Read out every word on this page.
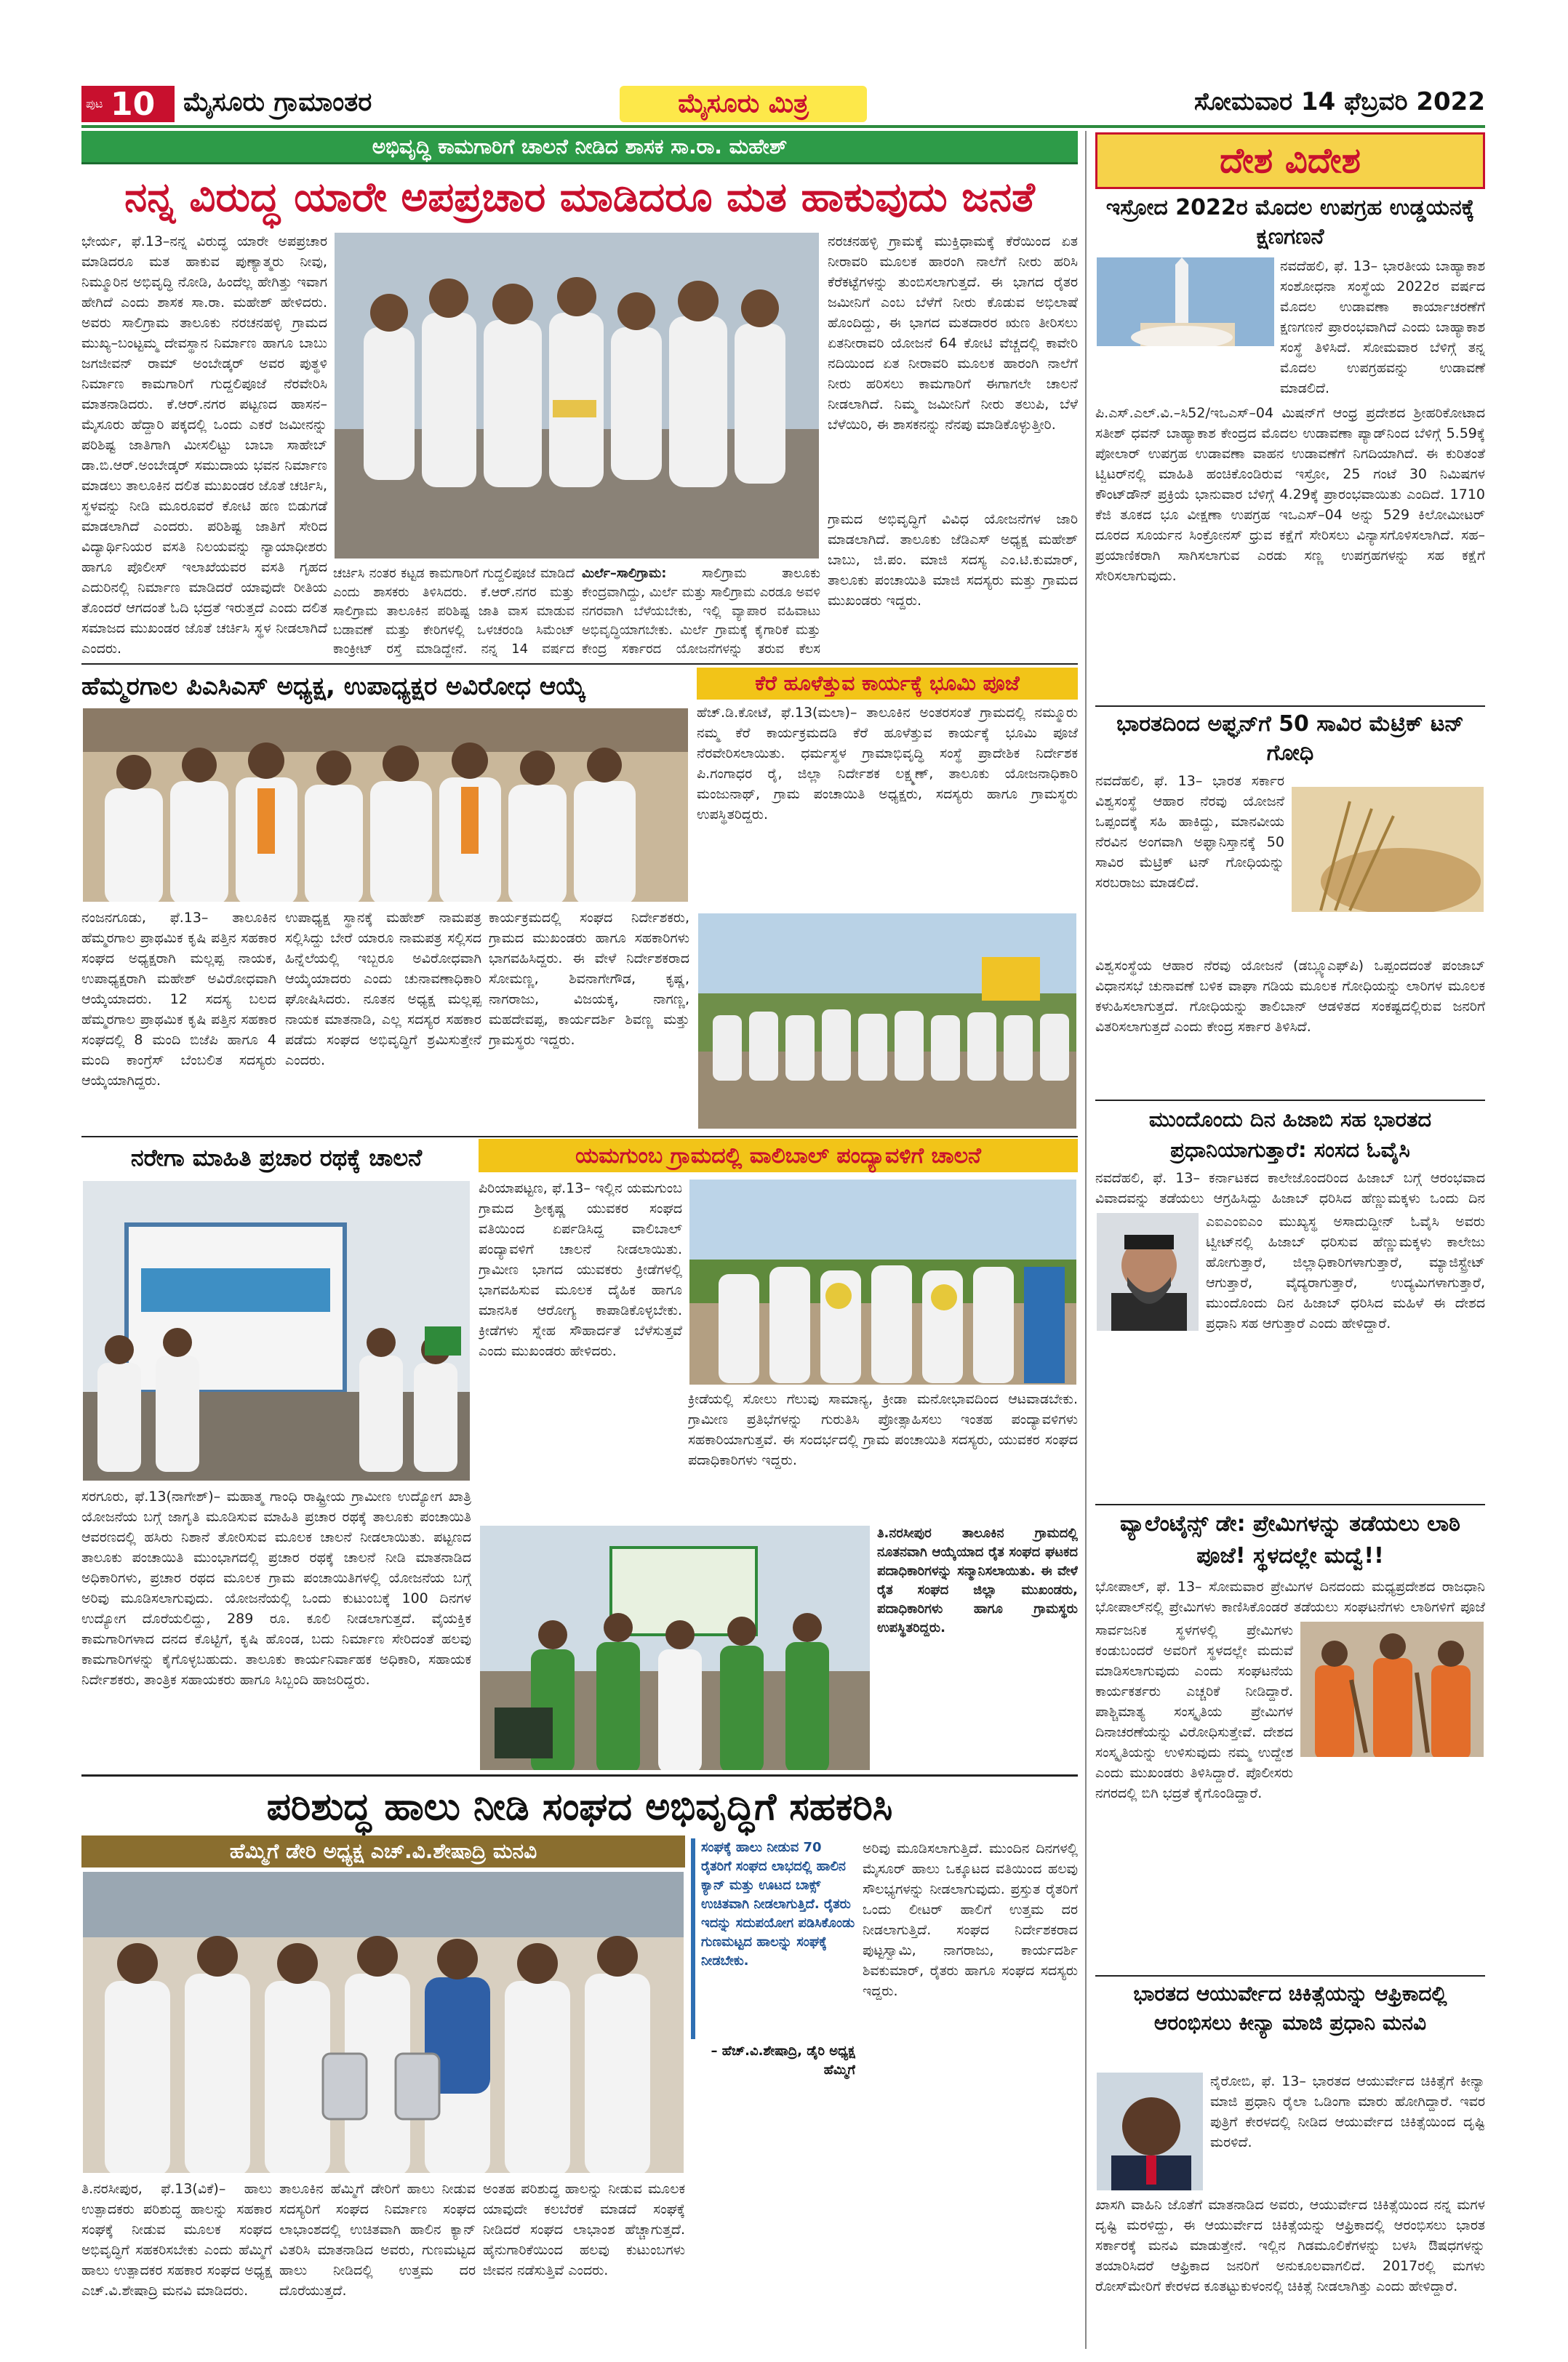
ಪುಟ 10 ಮೈಸೂರು ಗ್ರಾಮಾಂತರ	ಮೈಸೂರು ಮಿತ್ರ	ಸೋಮವಾರ 14 ಫೆಬ್ರವರಿ 2022
ಅಭಿವೃದ್ಧಿ ಕಾಮಗಾರಿಗೆ ಚಾಲನೆ ನೀಡಿದ ಶಾಸಕ ಸಾ.ರಾ. ಮಹೇಶ್
ನನ್ನ ವಿರುದ್ಧ ಯಾರೇ ಅಪಪ್ರಚಾರ ಮಾಡಿದರೂ ಮತ ಹಾಕುವುದು ಜನತೆ
ಭೇರ್ಯ, ಫೆ.13–ನನ್ನ ವಿರುದ್ಧ ಯಾರೇ ಅಪಪ್ರಚಾರ ಮಾಡಿದರೂ ಮತ ಹಾಕುವ ಪುಣ್ಯಾತ್ಮರು ನೀವು, ನಿಮ್ಮೂರಿನ ಅಭಿವೃದ್ಧಿ ನೋಡಿ, ಹಿಂದೆಲ್ಲ ಹೇಗಿತ್ತು ಇವಾಗ ಹೇಗಿದೆ ಎಂದು ಶಾಸಕ ಸಾ.ರಾ. ಮಹೇಶ್ ಹೇಳಿದರು. ಅವರು ಸಾಲಿಗ್ರಾಮ ತಾಲೂಕು ನರಚನಹಳ್ಳಿ ಗ್ರಾಮದ ಮುಖ್ಯ–ಬಂಟ್ಟಮ್ಮ ದೇವಸ್ಥಾನ ನಿರ್ಮಾಣ ಹಾಗೂ ಬಾಬು ಜಗಜೀವನ್ ರಾಮ್ ಅಂಬೇಡ್ಕರ್ ಅವರ ಪುತ್ಥಳಿ ನಿರ್ಮಾಣ ಕಾಮಗಾರಿಗೆ ಗುದ್ದಲಿಪೂಜೆ ನೆರವೇರಿಸಿ ಮಾತನಾಡಿದರು. ಕೆ.ಆರ್.ನಗರ ಪಟ್ಟಣದ ಹಾಸನ–ಮೈಸೂರು ಹೆದ್ದಾರಿ ಪಕ್ಕದಲ್ಲಿ ಒಂದು ಎಕರೆ ಜಮೀನನ್ನು ಪರಿಶಿಷ್ಟ ಜಾತಿಗಾಗಿ ಮೀಸಲಿಟ್ಟು ಬಾಬಾ ಸಾಹೇಬ್ ಡಾ.ಬಿ.ಆರ್.ಅಂಬೇಡ್ಕರ್ ಸಮುದಾಯ ಭವನ ನಿರ್ಮಾಣ ಮಾಡಲು ತಾಲೂಕಿನ ದಲಿತ ಮುಖಂಡರ ಜೊತೆ ಚರ್ಚಿಸಿ, ಸ್ಥಳವನ್ನು ನೀಡಿ ಮೂರೂವರೆ ಕೋಟಿ ಹಣ ಬಿಡುಗಡೆ ಮಾಡಲಾಗಿದೆ ಎಂದರು. ಪರಿಶಿಷ್ಟ ಜಾತಿಗೆ ಸೇರಿದ ವಿದ್ಯಾರ್ಥಿನಿಯರ ವಸತಿ ನಿಲಯವನ್ನು ನ್ಯಾಯಾಧೀಶರು ಹಾಗೂ ಪೊಲೀಸ್ ಇಲಾಖೆಯವರ ವಸತಿ ಗೃಹದ ಎದುರಿನಲ್ಲಿ ನಿರ್ಮಾಣ ಮಾಡಿದರೆ ಯಾವುದೇ ರೀತಿಯ ತೊಂದರೆ ಆಗದಂತೆ ಓದಿ ಭದ್ರತೆ ಇರುತ್ತದೆ ಎಂದು ದಲಿತ ಸಮಾಜದ ಮುಖಂಡರ ಜೊತೆ ಚರ್ಚಿಸಿ ಸ್ಥಳ ನೀಡಲಾಗಿದೆ ಎಂದರು.
ಚರ್ಚಿಸಿ ನಂತರ ಕಟ್ಟಡ ಕಾಮಗಾರಿಗೆ ಗುದ್ದಲಿಪೂಜೆ ಮಾಡಿದೆ ಎಂದು ಶಾಸಕರು ತಿಳಿಸಿದರು. ಕೆ.ಆರ್.ನಗರ ಮತ್ತು ಸಾಲಿಗ್ರಾಮ ತಾಲೂಕಿನ ಪರಿಶಿಷ್ಟ ಜಾತಿ ವಾಸ ಮಾಡುವ ಬಡಾವಣೆ ಮತ್ತು ಕೇರಿಗಳಲ್ಲಿ ಒಳಚರಂಡಿ ಸಿಮೆಂಟ್ ಕಾಂಕ್ರೀಟ್ ರಸ್ತೆ ಮಾಡಿದ್ದೇನೆ. ನನ್ನ 14 ವರ್ಷದ
ಮಿರ್ಲೆ–ಸಾಲಿಗ್ರಾಮ:	ಸಾಲಿಗ್ರಾಮ ತಾಲೂಕು ಕೇಂದ್ರವಾಗಿದ್ದು, ಮಿರ್ಲೆ ಮತ್ತು ಸಾಲಿಗ್ರಾಮ ಎರಡೂ ಅವಳಿ ನಗರವಾಗಿ ಬೆಳೆಯಬೇಕು, ಇಲ್ಲಿ ವ್ಯಾಪಾರ ವಹಿವಾಟು ಅಭಿವೃದ್ಧಿಯಾಗಬೇಕು. ಮಿರ್ಲೆ ಗ್ರಾಮಕ್ಕೆ ಕೈಗಾರಿಕೆ ಮತ್ತು ಕೇಂದ್ರ ಸರ್ಕಾರದ ಯೋಜನೆಗಳನ್ನು ತರುವ ಕೆಲಸ
ನರಚನಹಳ್ಳಿ ಗ್ರಾಮಕ್ಕೆ ಮುಕ್ತಿಧಾಮಕ್ಕೆ ಕೆರೆಯಿಂದ ಏತ ನೀರಾವರಿ ಮೂಲಕ ಹಾರಂಗಿ ನಾಲೆಗೆ ನೀರು ಹರಿಸಿ ಕೆರೆಕಟ್ಟೆಗಳನ್ನು ತುಂಬಿಸಲಾಗುತ್ತದೆ. ಈ ಭಾಗದ ರೈತರ ಜಮೀನಿಗೆ ಎಂಬ ಬೆಳೆಗೆ ನೀರು ಕೊಡುವ ಅಭಿಲಾಷೆ ಹೊಂದಿದ್ದು, ಈ ಭಾಗದ ಮತದಾರರ ಋಣ ತೀರಿಸಲು ಏತನೀರಾವರಿ ಯೋಜನೆ 64 ಕೋಟಿ ವೆಚ್ಚದಲ್ಲಿ ಕಾವೇರಿ ನದಿಯಿಂದ ಏತ ನೀರಾವರಿ ಮೂಲಕ ಹಾರಂಗಿ ನಾಲೆಗೆ ನೀರು ಹರಿಸಲು ಕಾಮಗಾರಿಗೆ ಈಗಾಗಲೇ ಚಾಲನೆ ನೀಡಲಾಗಿದೆ. ನಿಮ್ಮ ಜಮೀನಿಗೆ ನೀರು ತಲುಪಿ, ಬೆಳೆ ಬೆಳೆಯಿರಿ, ಈ ಶಾಸಕನನ್ನು ನೆನಪು ಮಾಡಿಕೊಳ್ಳುತ್ತೀರಿ.
ಗ್ರಾಮದ ಅಭಿವೃದ್ಧಿಗೆ ವಿವಿಧ ಯೋಜನೆಗಳ ಜಾರಿ ಮಾಡಲಾಗಿದೆ. ತಾಲೂಕು ಜೆಡಿಎಸ್ ಅಧ್ಯಕ್ಷ ಮಹೇಶ್ ಬಾಬು, ಜಿ.ಪಂ. ಮಾಜಿ ಸದಸ್ಯ ಎಂ.ಟಿ.ಕುಮಾರ್, ತಾಲೂಕು ಪಂಚಾಯಿತಿ ಮಾಜಿ ಸದಸ್ಯರು ಮತ್ತು ಗ್ರಾಮದ ಮುಖಂಡರು ಇದ್ದರು.
ಹೆಮ್ಮರಗಾಲ ಪಿಎಸಿಎಸ್ ಅಧ್ಯಕ್ಷ, ಉಪಾಧ್ಯಕ್ಷರ ಅವಿರೋಧ ಆಯ್ಕೆ
ನಂಜನಗೂಡು, ಫೆ.13– ತಾಲೂಕಿನ ಹೆಮ್ಮರಗಾಲ ಪ್ರಾಥಮಿಕ ಕೃಷಿ ಪತ್ತಿನ ಸಹಕಾರ ಸಂಘದ ಅಧ್ಯಕ್ಷರಾಗಿ ಮಲ್ಲಪ್ಪ ನಾಯಕ, ಉಪಾಧ್ಯಕ್ಷರಾಗಿ ಮಹೇಶ್ ಅವಿರೋಧವಾಗಿ ಆಯ್ಕೆಯಾದರು. 12 ಸದಸ್ಯ ಬಲದ ಹೆಮ್ಮರಗಾಲ ಪ್ರಾಥಮಿಕ ಕೃಷಿ ಪತ್ತಿನ ಸಹಕಾರ ಸಂಘದಲ್ಲಿ 8 ಮಂದಿ ಬಿಜೆಪಿ ಹಾಗೂ 4 ಮಂದಿ ಕಾಂಗ್ರೆಸ್ ಬೆಂಬಲಿತ ಸದಸ್ಯರು ಆಯ್ಕೆಯಾಗಿದ್ದರು.
ಉಪಾಧ್ಯಕ್ಷ ಸ್ಥಾನಕ್ಕೆ ಮಹೇಶ್ ನಾಮಪತ್ರ ಸಲ್ಲಿಸಿದ್ದು ಬೇರೆ ಯಾರೂ ನಾಮಪತ್ರ ಸಲ್ಲಿಸದ ಹಿನ್ನೆಲೆಯಲ್ಲಿ ಇಬ್ಬರೂ ಅವಿರೋಧವಾಗಿ ಆಯ್ಕೆಯಾದರು ಎಂದು ಚುನಾವಣಾಧಿಕಾರಿ ಘೋಷಿಸಿದರು. ನೂತನ ಅಧ್ಯಕ್ಷ ಮಲ್ಲಪ್ಪ ನಾಯಕ ಮಾತನಾಡಿ, ಎಲ್ಲ ಸದಸ್ಯರ ಸಹಕಾರ ಪಡೆದು ಸಂಘದ ಅಭಿವೃದ್ಧಿಗೆ ಶ್ರಮಿಸುತ್ತೇನೆ ಎಂದರು.
ಕಾರ್ಯಕ್ರಮದಲ್ಲಿ ಸಂಘದ ನಿರ್ದೇಶಕರು, ಗ್ರಾಮದ ಮುಖಂಡರು ಹಾಗೂ ಸಹಕಾರಿಗಳು ಭಾಗವಹಿಸಿದ್ದರು. ಈ ವೇಳೆ ನಿರ್ದೇಶಕರಾದ ಸೋಮಣ್ಣ, ಶಿವನಾಗೇಗೌಡ, ಕೃಷ್ಣ, ನಾಗರಾಜು, ವಿಜಯಕ್ಕ, ನಾಗಣ್ಣ, ಮಹದೇವಪ್ಪ, ಕಾರ್ಯದರ್ಶಿ ಶಿವಣ್ಣ ಮತ್ತು ಗ್ರಾಮಸ್ಥರು ಇದ್ದರು.
ಕೆರೆ ಹೂಳೆತ್ತುವ ಕಾರ್ಯಕ್ಕೆ ಭೂಮಿ ಪೂಜೆ
ಹೆಚ್.ಡಿ.ಕೋಟೆ, ಫೆ.13(ಮಲಾ)– ತಾಲೂಕಿನ ಅಂತರಸಂತೆ ಗ್ರಾಮದಲ್ಲಿ ನಮ್ಮೂರು ನಮ್ಮ ಕೆರೆ ಕಾರ್ಯಕ್ರಮದಡಿ ಕೆರೆ ಹೂಳೆತ್ತುವ ಕಾರ್ಯಕ್ಕೆ ಭೂಮಿ ಪೂಜೆ ನೆರವೇರಿಸಲಾಯಿತು. ಧರ್ಮಸ್ಥಳ ಗ್ರಾಮಾಭಿವೃದ್ಧಿ ಸಂಸ್ಥೆ ಪ್ರಾದೇಶಿಕ ನಿರ್ದೇಶಕ ಪಿ.ಗಂಗಾಧರ ರೈ, ಜಿಲ್ಲಾ ನಿರ್ದೇಶಕ ಲಕ್ಷ್ಮಣ್, ತಾಲೂಕು ಯೋಜನಾಧಿಕಾರಿ ಮಂಜುನಾಥ್, ಗ್ರಾಮ ಪಂಚಾಯಿತಿ ಅಧ್ಯಕ್ಷರು, ಸದಸ್ಯರು ಹಾಗೂ ಗ್ರಾಮಸ್ಥರು ಉಪಸ್ಥಿತರಿದ್ದರು.
ನರೇಗಾ ಮಾಹಿತಿ ಪ್ರಚಾರ ರಥಕ್ಕೆ ಚಾಲನೆ
ಸರಗೂರು, ಫೆ.13(ನಾಗೇಶ್)– ಮಹಾತ್ಮ ಗಾಂಧಿ ರಾಷ್ಟ್ರೀಯ ಗ್ರಾಮೀಣ ಉದ್ಯೋಗ ಖಾತ್ರಿ ಯೋಜನೆಯ ಬಗ್ಗೆ ಜಾಗೃತಿ ಮೂಡಿಸುವ ಮಾಹಿತಿ ಪ್ರಚಾರ ರಥಕ್ಕೆ ತಾಲೂಕು ಪಂಚಾಯಿತಿ ಆವರಣದಲ್ಲಿ ಹಸಿರು ನಿಶಾನೆ ತೋರಿಸುವ ಮೂಲಕ ಚಾಲನೆ ನೀಡಲಾಯಿತು. ಪಟ್ಟಣದ ತಾಲೂಕು ಪಂಚಾಯಿತಿ ಮುಂಭಾಗದಲ್ಲಿ ಪ್ರಚಾರ ರಥಕ್ಕೆ ಚಾಲನೆ ನೀಡಿ ಮಾತನಾಡಿದ ಅಧಿಕಾರಿಗಳು, ಪ್ರಚಾರ ರಥದ ಮೂಲಕ ಗ್ರಾಮ ಪಂಚಾಯಿತಿಗಳಲ್ಲಿ ಯೋಜನೆಯ ಬಗ್ಗೆ ಅರಿವು ಮೂಡಿಸಲಾಗುವುದು. ಯೋಜನೆಯಲ್ಲಿ ಒಂದು ಕುಟುಂಬಕ್ಕೆ 100 ದಿನಗಳ ಉದ್ಯೋಗ ದೊರೆಯಲಿದ್ದು, 289 ರೂ. ಕೂಲಿ ನೀಡಲಾಗುತ್ತದೆ. ವೈಯಕ್ತಿಕ ಕಾಮಗಾರಿಗಳಾದ ದನದ ಕೊಟ್ಟಿಗೆ, ಕೃಷಿ ಹೊಂಡ, ಬದು ನಿರ್ಮಾಣ ಸೇರಿದಂತೆ ಹಲವು ಕಾಮಗಾರಿಗಳನ್ನು ಕೈಗೊಳ್ಳಬಹುದು. ತಾಲೂಕು ಕಾರ್ಯನಿರ್ವಾಹಕ ಅಧಿಕಾರಿ, ಸಹಾಯಕ ನಿರ್ದೇಶಕರು, ತಾಂತ್ರಿಕ ಸಹಾಯಕರು ಹಾಗೂ ಸಿಬ್ಬಂದಿ ಹಾಜರಿದ್ದರು.
ಯಮಗುಂಬ ಗ್ರಾಮದಲ್ಲಿ ವಾಲಿಬಾಲ್ ಪಂದ್ಯಾವಳಿಗೆ ಚಾಲನೆ
ಪಿರಿಯಾಪಟ್ಟಣ, ಫೆ.13– ಇಲ್ಲಿನ ಯಮಗುಂಬ ಗ್ರಾಮದ ಶ್ರೀಕೃಷ್ಣ ಯುವಕರ ಸಂಘದ ವತಿಯಿಂದ ಏರ್ಪಡಿಸಿದ್ದ ವಾಲಿಬಾಲ್ ಪಂದ್ಯಾವಳಿಗೆ ಚಾಲನೆ ನೀಡಲಾಯಿತು. ಗ್ರಾಮೀಣ ಭಾಗದ ಯುವಕರು ಕ್ರೀಡೆಗಳಲ್ಲಿ ಭಾಗವಹಿಸುವ ಮೂಲಕ ದೈಹಿಕ ಹಾಗೂ ಮಾನಸಿಕ ಆರೋಗ್ಯ ಕಾಪಾಡಿಕೊಳ್ಳಬೇಕು. ಕ್ರೀಡೆಗಳು ಸ್ನೇಹ ಸೌಹಾರ್ದತೆ ಬೆಳೆಸುತ್ತವೆ ಎಂದು ಮುಖಂಡರು ಹೇಳಿದರು.
ಕ್ರೀಡೆಯಲ್ಲಿ ಸೋಲು ಗೆಲುವು ಸಾಮಾನ್ಯ, ಕ್ರೀಡಾ ಮನೋಭಾವದಿಂದ ಆಟವಾಡಬೇಕು. ಗ್ರಾಮೀಣ ಪ್ರತಿಭೆಗಳನ್ನು ಗುರುತಿಸಿ ಪ್ರೋತ್ಸಾಹಿಸಲು ಇಂತಹ ಪಂದ್ಯಾವಳಿಗಳು ಸಹಕಾರಿಯಾಗುತ್ತವೆ. ಈ ಸಂದರ್ಭದಲ್ಲಿ ಗ್ರಾಮ ಪಂಚಾಯಿತಿ ಸದಸ್ಯರು, ಯುವಕರ ಸಂಘದ ಪದಾಧಿಕಾರಿಗಳು ಇದ್ದರು.
ತಿ.ನರಸೀಪುರ ತಾಲೂಕಿನ ಗ್ರಾಮದಲ್ಲಿ ನೂತನವಾಗಿ ಆಯ್ಕೆಯಾದ ರೈತ ಸಂಘದ ಘಟಕದ ಪದಾಧಿಕಾರಿಗಳನ್ನು ಸನ್ಮಾನಿಸಲಾಯಿತು. ಈ ವೇಳೆ ರೈತ ಸಂಘದ ಜಿಲ್ಲಾ ಮುಖಂಡರು, ಪದಾಧಿಕಾರಿಗಳು ಹಾಗೂ ಗ್ರಾಮಸ್ಥರು ಉಪಸ್ಥಿತರಿದ್ದರು.
ಪರಿಶುದ್ಧ ಹಾಲು ನೀಡಿ ಸಂಘದ ಅಭಿವೃದ್ಧಿಗೆ ಸಹಕರಿಸಿ
ಹೆಮ್ಮಿಗೆ ಡೇರಿ ಅಧ್ಯಕ್ಷ ಎಚ್.ವಿ.ಶೇಷಾದ್ರಿ ಮನವಿ	ಸಂಘಕ್ಕೆ ಹಾಲು ನೀಡುವ 70 ರೈತರಿಗೆ ಸಂಘದ ಲಾಭದಲ್ಲಿ ಹಾಲಿನ ಕ್ಯಾನ್ ಮತ್ತು ಊಟದ ಬಾಕ್ಸ್ ಉಚಿತವಾಗಿ ನೀಡಲಾಗುತ್ತಿದೆ. ರೈತರು ಇದನ್ನು ಸದುಪಯೋಗ ಪಡಿಸಿಕೊಂಡು ಗುಣಮಟ್ಟದ ಹಾಲನ್ನು ಸಂಘಕ್ಕೆ ನೀಡಬೇಕು.
– ಹೆಚ್.ವಿ.ಶೇಷಾದ್ರಿ, ಡೈರಿ ಅಧ್ಯಕ್ಷ ಹೆಮ್ಮಿಗೆ
ಅರಿವು ಮೂಡಿಸಲಾಗುತ್ತಿದೆ. ಮುಂದಿನ ದಿನಗಳಲ್ಲಿ ಮೈಸೂರ್ ಹಾಲು ಒಕ್ಕೂಟದ ವತಿಯಿಂದ ಹಲವು ಸೌಲಭ್ಯಗಳನ್ನು ನೀಡಲಾಗುವುದು. ಪ್ರಸ್ತುತ ರೈತರಿಗೆ ಒಂದು ಲೀಟರ್ ಹಾಲಿಗೆ ಉತ್ತಮ ದರ ನೀಡಲಾಗುತ್ತಿದೆ. ಸಂಘದ ನಿರ್ದೇಶಕರಾದ ಪುಟ್ಟಸ್ವಾಮಿ, ನಾಗರಾಜು, ಕಾರ್ಯದರ್ಶಿ ಶಿವಕುಮಾರ್, ರೈತರು ಹಾಗೂ ಸಂಘದ ಸದಸ್ಯರು ಇದ್ದರು.
ತಿ.ನರಸೀಪುರ, ಫೆ.13(ವಿಕೆ)– ಹಾಲು ಉತ್ಪಾದಕರು ಪರಿಶುದ್ಧ ಹಾಲನ್ನು ಸಹಕಾರ ಸಂಘಕ್ಕೆ ನೀಡುವ ಮೂಲಕ ಸಂಘದ ಅಭಿವೃದ್ಧಿಗೆ ಸಹಕರಿಸಬೇಕು ಎಂದು ಹೆಮ್ಮಿಗೆ ಹಾಲು ಉತ್ಪಾದಕರ ಸಹಕಾರ ಸಂಘದ ಅಧ್ಯಕ್ಷ ಎಚ್.ವಿ.ಶೇಷಾದ್ರಿ ಮನವಿ ಮಾಡಿದರು.
ತಾಲೂಕಿನ ಹೆಮ್ಮಿಗೆ ಡೇರಿಗೆ ಹಾಲು ನೀಡುವ ಸದಸ್ಯರಿಗೆ ಸಂಘದ ನಿರ್ಮಾಣ ಸಂಘದ ಲಾಭಾಂಶದಲ್ಲಿ ಉಚಿತವಾಗಿ ಹಾಲಿನ ಕ್ಯಾನ್ ವಿತರಿಸಿ ಮಾತನಾಡಿದ ಅವರು, ಗುಣಮಟ್ಟದ ಹಾಲು ನೀಡಿದಲ್ಲಿ ಉತ್ತಮ ದರ ದೊರೆಯುತ್ತದೆ.
ಅಂತಹ ಪರಿಶುದ್ಧ ಹಾಲನ್ನು ನೀಡುವ ಮೂಲಕ ಯಾವುದೇ ಕಲಬೆರಕೆ ಮಾಡದೆ ಸಂಘಕ್ಕೆ ನೀಡಿದರೆ ಸಂಘದ ಲಾಭಾಂಶ ಹೆಚ್ಚಾಗುತ್ತದೆ. ಹೈನುಗಾರಿಕೆಯಿಂದ ಹಲವು ಕುಟುಂಬಗಳು ಜೀವನ ನಡೆಸುತ್ತಿವೆ ಎಂದರು.
ದೇಶ ವಿದೇಶ
ಇಸ್ರೋದ 2022ರ ಮೊದಲ ಉಪಗ್ರಹ ಉಡ್ಡಯನಕ್ಕೆ ಕ್ಷಣಗಣನೆ
ನವದೆಹಲಿ, ಫೆ. 13– ಭಾರತೀಯ ಬಾಹ್ಯಾಕಾಶ ಸಂಶೋಧನಾ ಸಂಸ್ಥೆಯ 2022ರ ವರ್ಷದ ಮೊದಲ ಉಡಾವಣಾ ಕಾರ್ಯಾಚರಣೆಗೆ ಕ್ಷಣಗಣನೆ ಪ್ರಾರಂಭವಾಗಿದೆ ಎಂದು ಬಾಹ್ಯಾಕಾಶ ಸಂಸ್ಥೆ ತಿಳಿಸಿದೆ. ಸೋಮವಾರ ಬೆಳಿಗ್ಗೆ ತನ್ನ ಮೊದಲ ಉಪಗ್ರಹವನ್ನು ಉಡಾವಣೆ ಮಾಡಲಿದೆ.
ಪಿ.ಎಸ್.ಎಲ್.ವಿ.–ಸಿ52/ಇಒಎಸ್–04 ಮಿಷನ್‌ಗೆ ಆಂಧ್ರ ಪ್ರದೇಶದ ಶ್ರೀಹರಿಕೋಟಾದ ಸತೀಶ್ ಧವನ್ ಬಾಹ್ಯಾಕಾಶ ಕೇಂದ್ರದ ಮೊದಲ ಉಡಾವಣಾ ಪ್ಯಾಡ್‌ನಿಂದ ಬೆಳಿಗ್ಗೆ 5.59ಕ್ಕೆ ಪೋಲಾರ್ ಉಪಗ್ರಹ ಉಡಾವಣಾ ವಾಹನ ಉಡಾವಣೆಗೆ ನಿಗದಿಯಾಗಿದೆ. ಈ ಕುರಿತಂತೆ ಟ್ವಿಟರ್‌ನಲ್ಲಿ ಮಾಹಿತಿ ಹಂಚಿಕೊಂಡಿರುವ ಇಸ್ರೋ, 25 ಗಂಟೆ 30 ನಿಮಿಷಗಳ ಕೌಂಟ್‌ಡೌನ್ ಪ್ರಕ್ರಿಯೆ ಭಾನುವಾರ ಬೆಳಿಗ್ಗೆ 4.29ಕ್ಕೆ ಪ್ರಾರಂಭವಾಯಿತು ಎಂದಿದೆ. 1710 ಕೆಜಿ ತೂಕದ ಭೂ ವೀಕ್ಷಣಾ ಉಪಗ್ರಹ ಇಒಎಸ್–04 ಅನ್ನು 529 ಕಿಲೋಮೀಟರ್ ದೂರದ ಸೂರ್ಯನ ಸಿಂಕ್ರೋನಸ್ ಧ್ರುವ ಕಕ್ಷೆಗೆ ಸೇರಿಸಲು ವಿನ್ಯಾಸಗೊಳಿಸಲಾಗಿದೆ. ಸಹ–ಪ್ರಯಾಣಿಕರಾಗಿ ಸಾಗಿಸಲಾಗುವ ಎರಡು ಸಣ್ಣ ಉಪಗ್ರಹಗಳನ್ನು ಸಹ ಕಕ್ಷೆಗೆ ಸೇರಿಸಲಾಗುವುದು.
ಭಾರತದಿಂದ ಅಫ್ಘನ್‌ಗೆ 50 ಸಾವಿರ ಮೆಟ್ರಿಕ್ ಟನ್ ಗೋಧಿ
ನವದೆಹಲಿ, ಫೆ. 13– ಭಾರತ ಸರ್ಕಾರ ವಿಶ್ವಸಂಸ್ಥೆ ಆಹಾರ ನೆರವು ಯೋಜನೆ ಒಪ್ಪಂದಕ್ಕೆ ಸಹಿ ಹಾಕಿದ್ದು, ಮಾನವೀಯ ನೆರವಿನ ಅಂಗವಾಗಿ ಅಫ್ಘಾನಿಸ್ತಾನಕ್ಕೆ 50 ಸಾವಿರ ಮೆಟ್ರಿಕ್ ಟನ್ ಗೋಧಿಯನ್ನು ಸರಬರಾಜು ಮಾಡಲಿದೆ.
ವಿಶ್ವಸಂಸ್ಥೆಯ ಆಹಾರ ನೆರವು ಯೋಜನೆ (ಡಬ್ಲ್ಯೂಎಫ್‌ಪಿ) ಒಪ್ಪಂದದಂತೆ ಪಂಜಾಬ್ ವಿಧಾನಸಭೆ ಚುನಾವಣೆ ಬಳಿಕ ವಾಘಾ ಗಡಿಯ ಮೂಲಕ ಗೋಧಿಯನ್ನು ಲಾರಿಗಳ ಮೂಲಕ ಕಳುಹಿಸಲಾಗುತ್ತದೆ. ಗೋಧಿಯನ್ನು ತಾಲಿಬಾನ್ ಆಡಳಿತದ ಸಂಕಷ್ಟದಲ್ಲಿರುವ ಜನರಿಗೆ ವಿತರಿಸಲಾಗುತ್ತದೆ ಎಂದು ಕೇಂದ್ರ ಸರ್ಕಾರ ತಿಳಿಸಿದೆ.
ಮುಂದೊಂದು ದಿನ ಹಿಜಾಬಿ ಸಹ ಭಾರತದ ಪ್ರಧಾನಿಯಾಗುತ್ತಾರೆ: ಸಂಸದ ಓವೈಸಿ
ನವದೆಹಲಿ, ಫೆ. 13– ಕರ್ನಾಟಕದ ಕಾಲೇಜೊಂದರಿಂದ ಹಿಜಾಬ್ ಬಗ್ಗೆ ಆರಂಭವಾದ ವಿವಾದವನ್ನು ತಡೆಯಲು ಆಗ್ರಹಿಸಿದ್ದು ಹಿಜಾಬ್ ಧರಿಸಿದ ಹೆಣ್ಣುಮಕ್ಕಳು ಒಂದು ದಿನ
ಎಐಎಂಐಎಂ ಮುಖ್ಯಸ್ಥ ಅಸಾದುದ್ದೀನ್ ಓವೈಸಿ ಅವರು ಟ್ವೀಟ್‌ನಲ್ಲಿ ಹಿಜಾಬ್ ಧರಿಸುವ ಹೆಣ್ಣುಮಕ್ಕಳು ಕಾಲೇಜು ಹೋಗುತ್ತಾರೆ, ಜಿಲ್ಲಾಧಿಕಾರಿಗಳಾಗುತ್ತಾರೆ, ಮ್ಯಾಜಿಸ್ಟ್ರೇಟ್ ಆಗುತ್ತಾರೆ, ವೈದ್ಯರಾಗುತ್ತಾರೆ, ಉದ್ಯಮಿಗಳಾಗುತ್ತಾರೆ, ಮುಂದೊಂದು ದಿನ ಹಿಜಾಬ್ ಧರಿಸಿದ ಮಹಿಳೆ ಈ ದೇಶದ ಪ್ರಧಾನಿ ಸಹ ಆಗುತ್ತಾರೆ ಎಂದು ಹೇಳಿದ್ದಾರೆ.
ವ್ಯಾಲೆಂಟೈನ್ಸ್ ಡೇ: ಪ್ರೇಮಿಗಳನ್ನು ತಡೆಯಲು ಲಾಠಿ ಪೂಜೆ! ಸ್ಥಳದಲ್ಲೇ ಮದ್ವೆ!!
ಭೋಪಾಲ್, ಫೆ. 13– ಸೋಮವಾರ ಪ್ರೇಮಿಗಳ ದಿನದಂದು ಮಧ್ಯಪ್ರದೇಶದ ರಾಜಧಾನಿ ಭೋಪಾಲ್‌ನಲ್ಲಿ ಪ್ರೇಮಿಗಳು ಕಾಣಿಸಿಕೊಂಡರೆ ತಡೆಯಲು ಸಂಘಟನೆಗಳು ಲಾಠಿಗಳಿಗೆ ಪೂಜೆ
ಸಾರ್ವಜನಿಕ ಸ್ಥಳಗಳಲ್ಲಿ ಪ್ರೇಮಿಗಳು ಕಂಡುಬಂದರೆ ಅವರಿಗೆ ಸ್ಥಳದಲ್ಲೇ ಮದುವೆ ಮಾಡಿಸಲಾಗುವುದು ಎಂದು ಸಂಘಟನೆಯ ಕಾರ್ಯಕರ್ತರು ಎಚ್ಚರಿಕೆ ನೀಡಿದ್ದಾರೆ. ಪಾಶ್ಚಿಮಾತ್ಯ ಸಂಸ್ಕೃತಿಯ ಪ್ರೇಮಿಗಳ ದಿನಾಚರಣೆಯನ್ನು ವಿರೋಧಿಸುತ್ತೇವೆ. ದೇಶದ ಸಂಸ್ಕೃತಿಯನ್ನು ಉಳಿಸುವುದು ನಮ್ಮ ಉದ್ದೇಶ ಎಂದು ಮುಖಂಡರು ತಿಳಿಸಿದ್ದಾರೆ. ಪೊಲೀಸರು ನಗರದಲ್ಲಿ ಬಿಗಿ ಭದ್ರತೆ ಕೈಗೊಂಡಿದ್ದಾರೆ.
ಭಾರತದ ಆಯುರ್ವೇದ ಚಿಕಿತ್ಸೆಯನ್ನು ಆಫ್ರಿಕಾದಲ್ಲಿ ಆರಂಭಿಸಲು ಕೀನ್ಯಾ ಮಾಜಿ ಪ್ರಧಾನಿ ಮನವಿ
ನೈರೋಬಿ, ಫೆ. 13– ಭಾರತದ ಆಯುರ್ವೇದ ಚಿಕಿತ್ಸೆಗೆ ಕೀನ್ಯಾ ಮಾಜಿ ಪ್ರಧಾನಿ ರೈಲಾ ಒಡಿಂಗಾ ಮಾರು ಹೋಗಿದ್ದಾರೆ. ಇವರ ಪುತ್ರಿಗೆ ಕೇರಳದಲ್ಲಿ ನೀಡಿದ ಆಯುರ್ವೇದ ಚಿಕಿತ್ಸೆಯಿಂದ ದೃಷ್ಟಿ ಮರಳಿದೆ.
ಖಾಸಗಿ ವಾಹಿನಿ ಜೊತೆಗೆ ಮಾತನಾಡಿದ ಅವರು, ಆಯುರ್ವೇದ ಚಿಕಿತ್ಸೆಯಿಂದ ನನ್ನ ಮಗಳ ದೃಷ್ಟಿ ಮರಳಿದ್ದು, ಈ ಆಯುರ್ವೇದ ಚಿಕಿತ್ಸೆಯನ್ನು ಆಫ್ರಿಕಾದಲ್ಲಿ ಆರಂಭಿಸಲು ಭಾರತ ಸರ್ಕಾರಕ್ಕೆ ಮನವಿ ಮಾಡುತ್ತೇನೆ. ಇಲ್ಲಿನ ಗಿಡಮೂಲಿಕೆಗಳನ್ನು ಬಳಸಿ ಔಷಧಗಳನ್ನು ತಯಾರಿಸಿದರೆ ಆಫ್ರಿಕಾದ ಜನರಿಗೆ ಅನುಕೂಲವಾಗಲಿದೆ. 2017ರಲ್ಲಿ ಮಗಳು ರೋಸ್‌ಮೇರಿಗೆ ಕೇರಳದ ಕೂತಟ್ಟುಕುಳಂನಲ್ಲಿ ಚಿಕಿತ್ಸೆ ನೀಡಲಾಗಿತ್ತು ಎಂದು ಹೇಳಿದ್ದಾರೆ.
